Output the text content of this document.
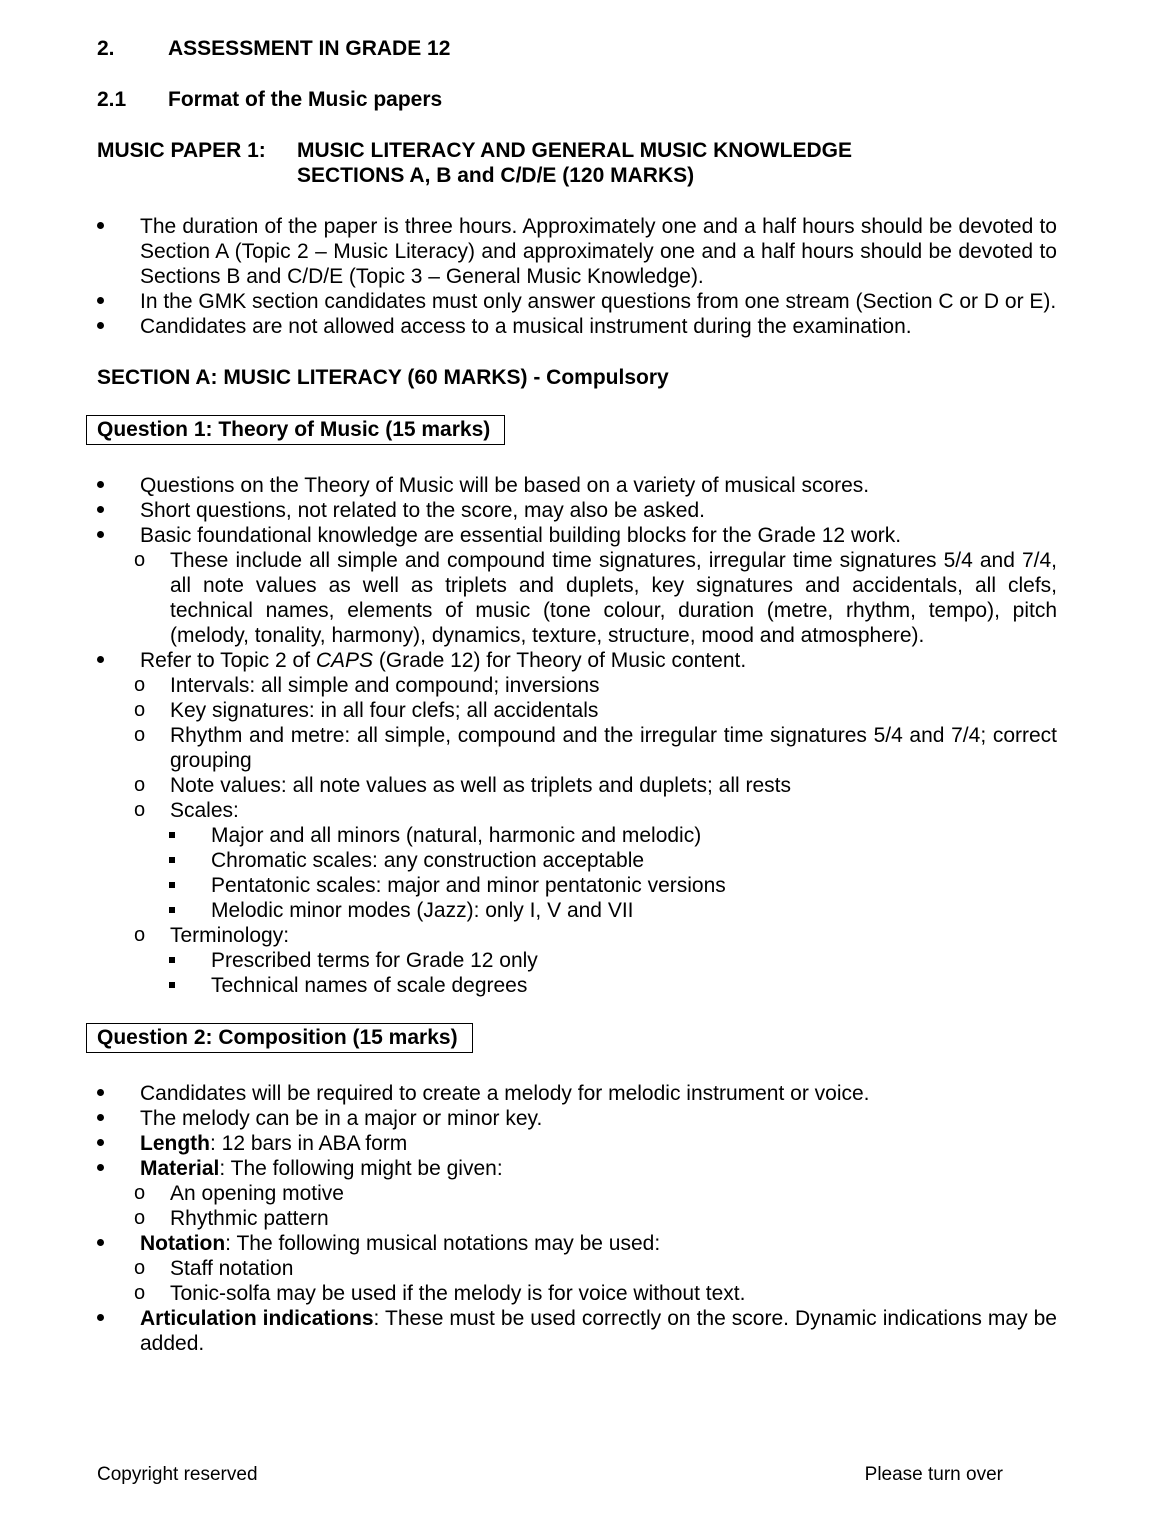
2.	ASSESSMENT IN GRADE 12
2.1	Format of the Music papers
MUSIC PAPER 1:	MUSIC LITERACY AND GENERAL MUSIC KNOWLEDGE
SECTIONS A, B and C/D/E (120 MARKS)
The duration of the paper is three hours. Approximately one and a half hours should be devoted to Section A (Topic 2 – Music Literacy) and approximately one and a half hours should be devoted to Sections B and C/D/E (Topic 3 – General Music Knowledge).
In the GMK section candidates must only answer questions from one stream (Section C or D or E).
Candidates are not allowed access to a musical instrument during the examination.
SECTION A: MUSIC LITERACY (60 MARKS) - Compulsory
Question 1: Theory of Music (15 marks)
Questions on the Theory of Music will be based on a variety of musical scores.
Short questions, not related to the score, may also be asked.
Basic foundational knowledge are essential building blocks for the Grade 12 work.
o These include all simple and compound time signatures, irregular time signatures 5/4 and 7/4, all note values as well as triplets and duplets, key signatures and accidentals, all clefs, technical names, elements of music (tone colour, duration (metre, rhythm, tempo), pitch (melody, tonality, harmony), dynamics, texture, structure, mood and atmosphere).
Refer to Topic 2 of CAPS (Grade 12) for Theory of Music content.
o Intervals: all simple and compound; inversions
o Key signatures: in all four clefs; all accidentals
o Rhythm and metre: all simple, compound and the irregular time signatures 5/4 and 7/4; correct grouping
o Note values: all note values as well as triplets and duplets; all rests
o Scales:
Major and all minors (natural, harmonic and melodic)
Chromatic scales: any construction acceptable
Pentatonic scales: major and minor pentatonic versions
Melodic minor modes (Jazz): only I, V and VII
o Terminology:
Prescribed terms for Grade 12 only
Technical names of scale degrees
Question 2: Composition (15 marks)
Candidates will be required to create a melody for melodic instrument or voice.
The melody can be in a major or minor key.
Length: 12 bars in ABA form
Material: The following might be given:
o An opening motive
o Rhythmic pattern
Notation: The following musical notations may be used:
o Staff notation
o Tonic-solfa may be used if the melody is for voice without text.
Articulation indications: These must be used correctly on the score. Dynamic indications may be added.
Copyright reserved	Please turn over
